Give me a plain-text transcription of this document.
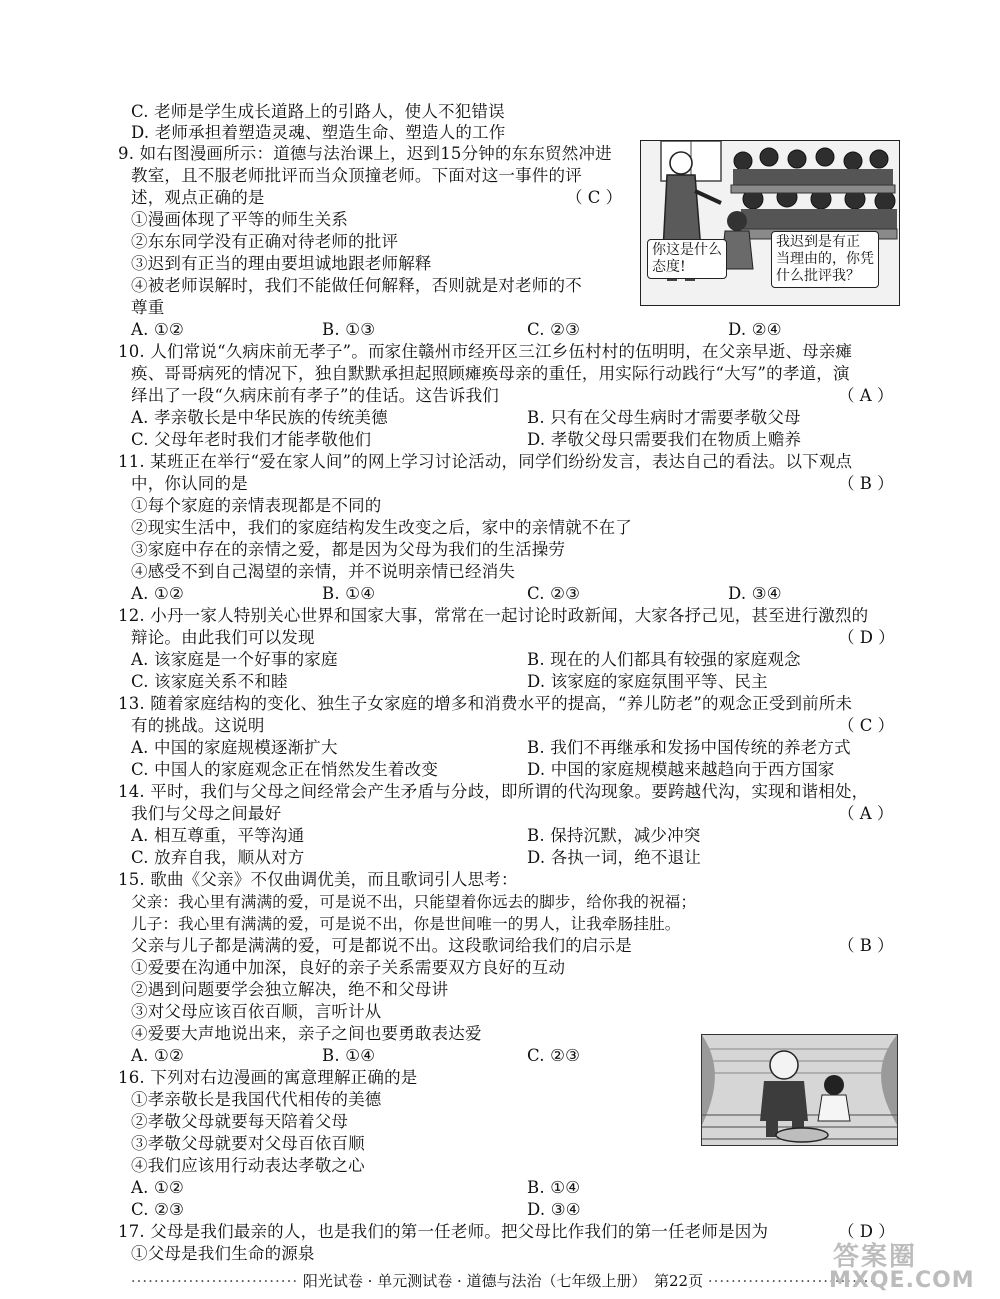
C. 老师是学生成长道路上的引路人，使人不犯错误
D. 老师承担着塑造灵魂、塑造生命、塑造人的工作
9. 如右图漫画所示：道德与法治课上，迟到15分钟的东东贸然冲进
教室，且不服老师批评而当众顶撞老师。下面对这一事件的评
述，观点正确的是	（ C ）
①漫画体现了平等的师生关系
②东东同学没有正确对待老师的批评
③迟到有正当的理由要坦诚地跟老师解释
④被老师误解时，我们不能做任何解释，否则就是对老师的不
尊重
A. ①②	B. ①③	C. ②③	D. ②④
你这是什么
态度!
我迟到是有正
当理由的，你凭
什么批评我？
10. 人们常说“久病床前无孝子”。而家住赣州市经开区三江乡伍村村的伍明明，在父亲早逝、母亲瘫
痪、哥哥病死的情况下，独自默默承担起照顾瘫痪母亲的重任，用实际行动践行“大写”的孝道，演
绎出了一段“久病床前有孝子”的佳话。这告诉我们	（ A ）
A. 孝亲敬长是中华民族的传统美德	B. 只有在父母生病时才需要孝敬父母
C. 父母年老时我们才能孝敬他们	D. 孝敬父母只需要我们在物质上赡养
11. 某班正在举行“爱在家人间”的网上学习讨论活动，同学们纷纷发言，表达自己的看法。以下观点
中，你认同的是	（ B ）
①每个家庭的亲情表现都是不同的
②现实生活中，我们的家庭结构发生改变之后，家中的亲情就不在了
③家庭中存在的亲情之爱，都是因为父母为我们的生活操劳
④感受不到自己渴望的亲情，并不说明亲情已经消失
A. ①②	B. ①④	C. ②③	D. ③④
12. 小丹一家人特别关心世界和国家大事，常常在一起讨论时政新闻，大家各抒己见，甚至进行激烈的
辩论。由此我们可以发现	（ D ）
A. 该家庭是一个好事的家庭	B. 现在的人们都具有较强的家庭观念
C. 该家庭关系不和睦	D. 该家庭的家庭氛围平等、民主
13. 随着家庭结构的变化、独生子女家庭的增多和消费水平的提高，“养儿防老”的观念正受到前所未
有的挑战。这说明	（ C ）
A. 中国的家庭规模逐渐扩大	B. 我们不再继承和发扬中国传统的养老方式
C. 中国人的家庭观念正在悄然发生着改变	D. 中国的家庭规模越来越趋向于西方国家
14. 平时，我们与父母之间经常会产生矛盾与分歧，即所谓的代沟现象。要跨越代沟，实现和谐相处，
我们与父母之间最好	（ A ）
A. 相互尊重，平等沟通	B. 保持沉默，减少冲突
C. 放弃自我，顺从对方	D. 各执一词，绝不退让
15. 歌曲《父亲》不仅曲调优美，而且歌词引人思考：
父亲：我心里有满满的爱，可是说不出，只能望着你远去的脚步，给你我的祝福；
儿子：我心里有满满的爱，可是说不出，你是世间唯一的男人，让我牵肠挂肚。
父亲与儿子都是满满的爱，可是都说不出。这段歌词给我们的启示是	（ B ）
①爱要在沟通中加深，良好的亲子关系需要双方良好的互动
②遇到问题要学会独立解决，绝不和父母讲
③对父母应该百依百顺，言听计从
④爱要大声地说出来，亲子之间也要勇敢表达爱
A. ①②	B. ①④	C. ②③
16. 下列对右边漫画的寓意理解正确的是
①孝亲敬长是我国代代相传的美德
②孝敬父母就要每天陪着父母
③孝敬父母就要对父母百依百顺
④我们应该用行动表达孝敬之心
A. ①②	B. ①④
C. ②③	D. ③④
17. 父母是我们最亲的人，也是我们的第一任老师。把父母比作我们的第一任老师是因为	（ D ）
①父母是我们生命的源泉
····························· 阳光试卷 · 单元测试卷 · 道德与法治（七年级上册）　第22页 ·····························
答案圈
MXQE.COM
